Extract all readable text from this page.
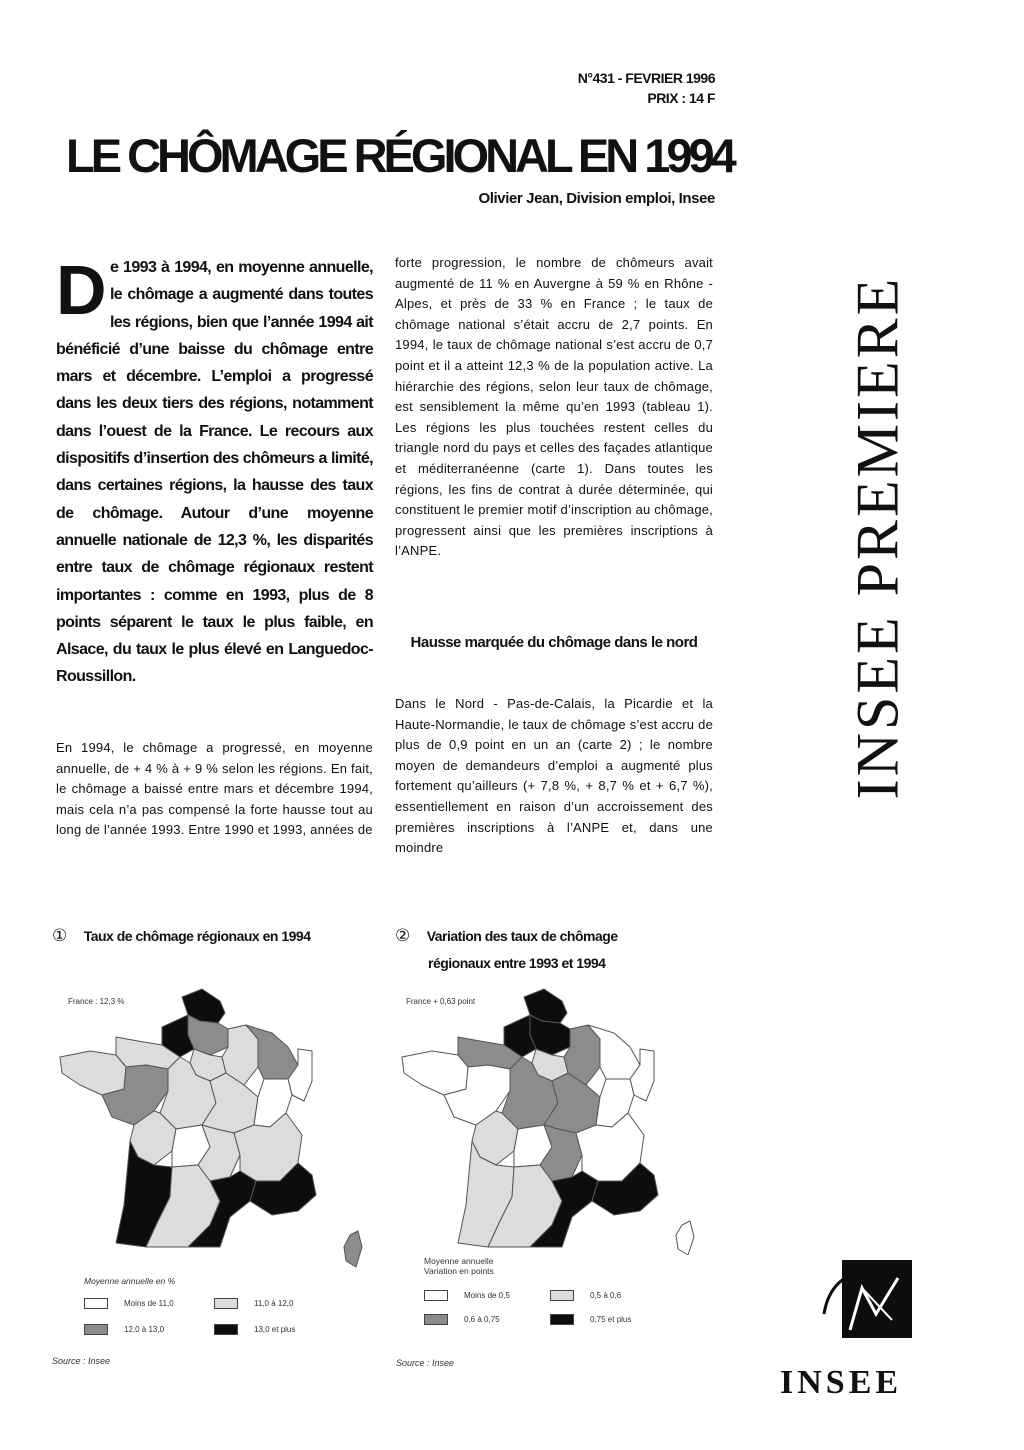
N°431 - FEVRIER 1996
PRIX : 14 F
LE CHÔMAGE RÉGIONAL EN 1994
Olivier Jean, Division emploi, Insee
INSEE PREMIERE
De 1993 à 1994, en moyenne annuelle, le chômage a augmenté dans toutes les régions, bien que l’année 1994 ait bénéficié d’une baisse du chômage entre mars et décembre. L’emploi a progressé dans les deux tiers des régions, notamment dans l’ouest de la France. Le recours aux dispositifs d’insertion des chômeurs a limité, dans certaines régions, la hausse des taux de chômage. Autour d’une moyenne annuelle nationale de 12,3 %, les disparités entre taux de chômage régionaux restent importantes : comme en 1993, plus de 8 points séparent le taux le plus faible, en Alsace, du taux le plus élevé en Languedoc-Roussillon.
En 1994, le chômage a progressé, en moyenne annuelle, de + 4 % à + 9 % selon les régions. En fait, le chômage a baissé entre mars et décembre 1994, mais cela n’a pas compensé la forte hausse tout au long de l’année 1993. Entre 1990 et 1993, années de
forte progression, le nombre de chômeurs avait augmenté de 11 % en Auvergne à 59 % en Rhône - Alpes, et près de 33 % en France ; le taux de chômage national s’était accru de 2,7 points. En 1994, le taux de chômage national s’est accru de 0,7 point et il a atteint 12,3 % de la population active. La hiérarchie des régions, selon leur taux de chômage, est sensiblement la même qu’en 1993 (tableau 1). Les régions les plus touchées restent celles du triangle nord du pays et celles des façades atlantique et méditerranéenne (carte 1). Dans toutes les régions, les fins de contrat à durée déterminée, qui constituent le premier motif d’inscription au chômage, progressent ainsi que les premières inscriptions à l’ANPE.
Hausse marquée du chômage dans le nord
Dans le Nord - Pas-de-Calais, la Picardie et la Haute-Normandie, le taux de chômage s’est accru de plus de 0,9 point en un an (carte 2) ; le nombre moyen de demandeurs d’emploi a augmenté plus fortement qu’ailleurs (+ 7,8 %, + 8,7 % et + 6,7 %), essentiellement en raison d’un accroissement des premières inscriptions à l’ANPE et, dans une moindre
① Taux de chômage régionaux en 1994
France : 12,3 %
Moyenne annuelle en %
Moins de 11,0	11,0 à 12,0
12,0 à 13,0	13,0 et plus
Source : Insee
② Variation des taux de chômage
régionaux entre 1993 et 1994
France + 0,63 point
Moyenne annuelle
Variation en points
Moins de 0,5	0,5 à 0,6
0,6 à 0,75	0,75 et plus
Source : Insee
INSEE
